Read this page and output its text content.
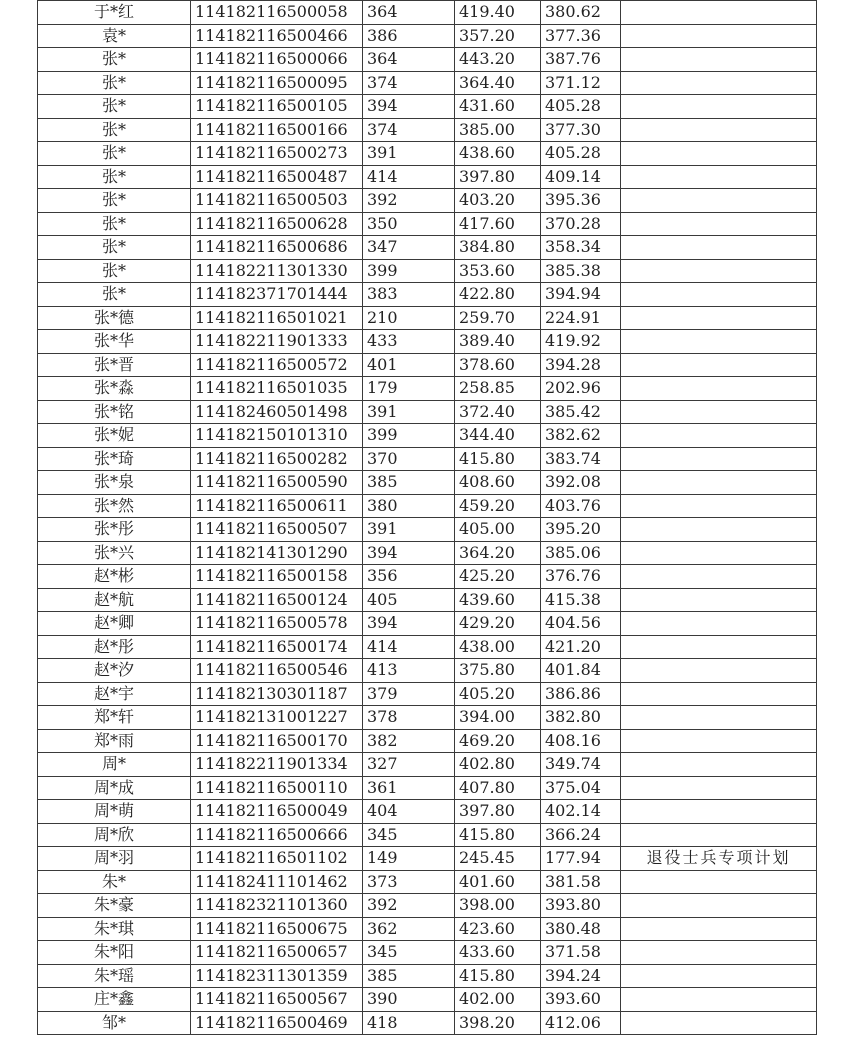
于*红	114182116500058	364	419.40	380.62	
袁*	114182116500466	386	357.20	377.36	
张*	114182116500066	364	443.20	387.76	
张*	114182116500095	374	364.40	371.12	
张*	114182116500105	394	431.60	405.28	
张*	114182116500166	374	385.00	377.30	
张*	114182116500273	391	438.60	405.28	
张*	114182116500487	414	397.80	409.14	
张*	114182116500503	392	403.20	395.36	
张*	114182116500628	350	417.60	370.28	
张*	114182116500686	347	384.80	358.34	
张*	114182211301330	399	353.60	385.38	
张*	114182371701444	383	422.80	394.94	
张*德	114182116501021	210	259.70	224.91	
张*华	114182211901333	433	389.40	419.92	
张*晋	114182116500572	401	378.60	394.28	
张*淼	114182116501035	179	258.85	202.96	
张*铭	114182460501498	391	372.40	385.42	
张*妮	114182150101310	399	344.40	382.62	
张*琦	114182116500282	370	415.80	383.74	
张*泉	114182116500590	385	408.60	392.08	
张*然	114182116500611	380	459.20	403.76	
张*彤	114182116500507	391	405.00	395.20	
张*兴	114182141301290	394	364.20	385.06	
赵*彬	114182116500158	356	425.20	376.76	
赵*航	114182116500124	405	439.60	415.38	
赵*卿	114182116500578	394	429.20	404.56	
赵*彤	114182116500174	414	438.00	421.20	
赵*汐	114182116500546	413	375.80	401.84	
赵*宇	114182130301187	379	405.20	386.86	
郑*轩	114182131001227	378	394.00	382.80	
郑*雨	114182116500170	382	469.20	408.16	
周*	114182211901334	327	402.80	349.74	
周*成	114182116500110	361	407.80	375.04	
周*萌	114182116500049	404	397.80	402.14	
周*欣	114182116500666	345	415.80	366.24	
周*羽	114182116501102	149	245.45	177.94	退役士兵专项计划
朱*	114182411101462	373	401.60	381.58	
朱*豪	114182321101360	392	398.00	393.80	
朱*琪	114182116500675	362	423.60	380.48	
朱*阳	114182116500657	345	433.60	371.58	
朱*瑶	114182311301359	385	415.80	394.24	
庄*鑫	114182116500567	390	402.00	393.60	
邹*	114182116500469	418	398.20	412.06	
